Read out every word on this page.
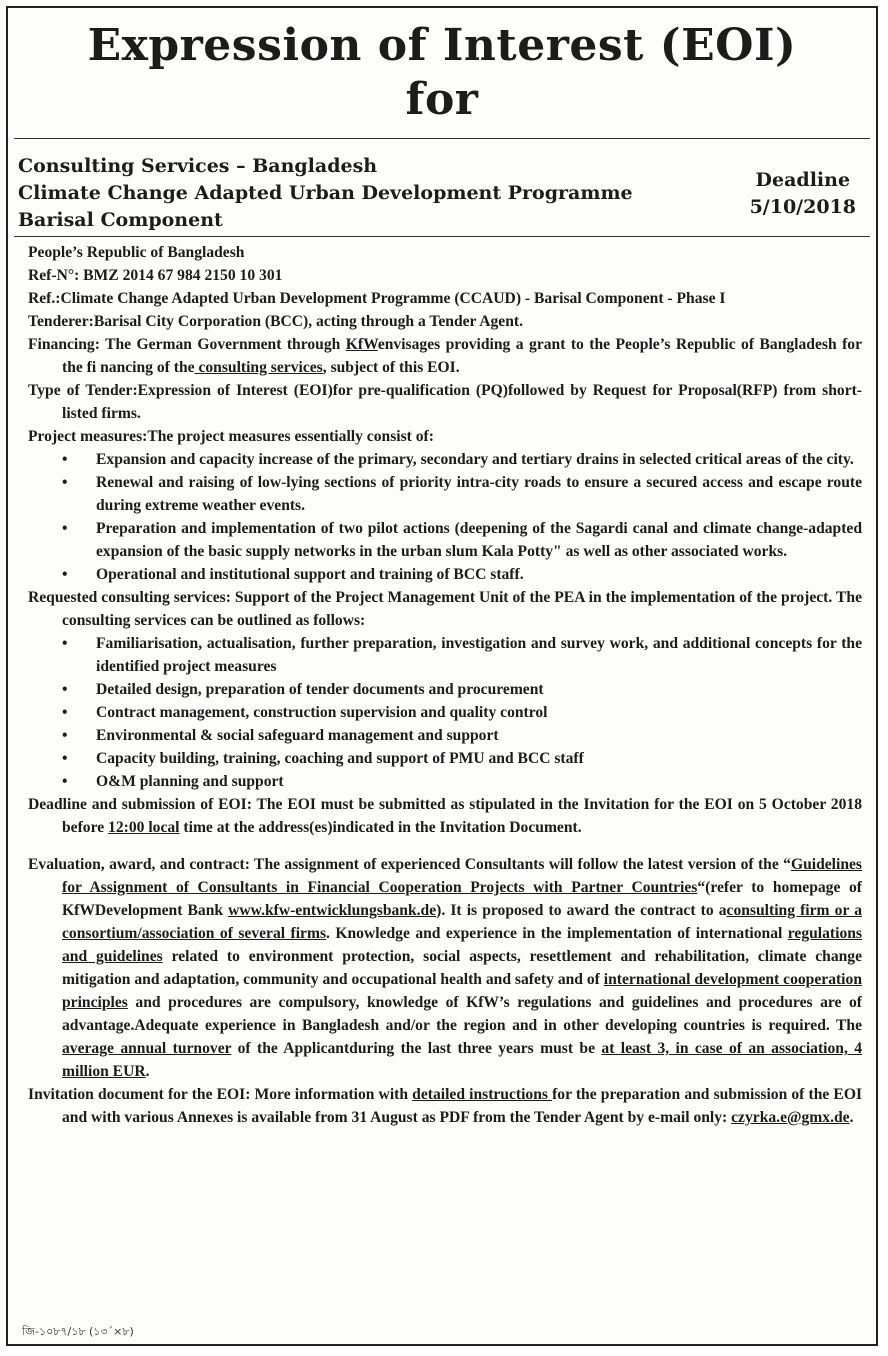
Expression of Interest (EOI)
for
Consulting Services – Bangladesh
Climate Change Adapted Urban Development Programme
Barisal Component
Deadline
5/10/2018
People’s Republic of Bangladesh
Ref-N°: BMZ 2014 67 984 2150 10 301
Ref.:Climate Change Adapted Urban Development Programme (CCAUD) - Barisal Component - Phase I
Tenderer:Barisal City Corporation (BCC), acting through a Tender Agent.
Financing: The German Government through KfWenvisages providing a grant to the People’s Republic of Bangladesh for the fi nancing of the consulting services, subject of this EOI.
Type of Tender:Expression of Interest (EOI)for pre-qualification (PQ)followed by Request for Proposal(RFP) from short-listed firms.
Project measures:The project measures essentially consist of:
• Expansion and capacity increase of the primary, secondary and tertiary drains in selected critical areas of the city.
• Renewal and raising of low-lying sections of priority intra-city roads to ensure a secured access and escape route during extreme weather events.
• Preparation and implementation of two pilot actions (deepening of the Sagardi canal and climate change-adapted expansion of the basic supply networks in the urban slum Kala Potty" as well as other associated works.
• Operational and institutional support and training of BCC staff.
Requested consulting services: Support of the Project Management Unit of the PEA in the implementation of the project. The consulting services can be outlined as follows:
• Familiarisation, actualisation, further preparation, investigation and survey work, and additional concepts for the identified project measures
• Detailed design, preparation of tender documents and procurement
• Contract management, construction supervision and quality control
• Environmental & social safeguard management and support
• Capacity building, training, coaching and support of PMU and BCC staff
• O&M planning and support
Deadline and submission of EOI: The EOI must be submitted as stipulated in the Invitation for the EOI on 5 October 2018 before 12:00 local time at the address(es)indicated in the Invitation Document.
Evaluation, award, and contract: The assignment of experienced Consultants will follow the latest version of the “Guidelines for Assignment of Consultants in Financial Cooperation Projects with Partner Countries“(refer to homepage of KfWDevelopment Bank www.kfw-entwicklungsbank.de). It is proposed to award the contract to aconsulting firm or a consortium/association of several firms. Knowledge and experience in the implementation of international regulations and guidelines related to environment protection, social aspects, resettlement and rehabilitation, climate change mitigation and adaptation, community and occupational health and safety and of international development cooperation principles and procedures are compulsory, knowledge of KfW’s regulations and guidelines and procedures are of advantage.Adequate experience in Bangladesh and/or the region and in other developing countries is required. The average annual turnover of the Applicantduring the last three years must be at least 3, in case of an association, 4 million EUR.
Invitation document for the EOI: More information with detailed instructions for the preparation and submission of the EOI and with various Annexes is available from 31 August as PDF from the Tender Agent by e-mail only: czyrka.e@gmx.de.
জি-১০৮৭/১৮ (১৩´×৮)
